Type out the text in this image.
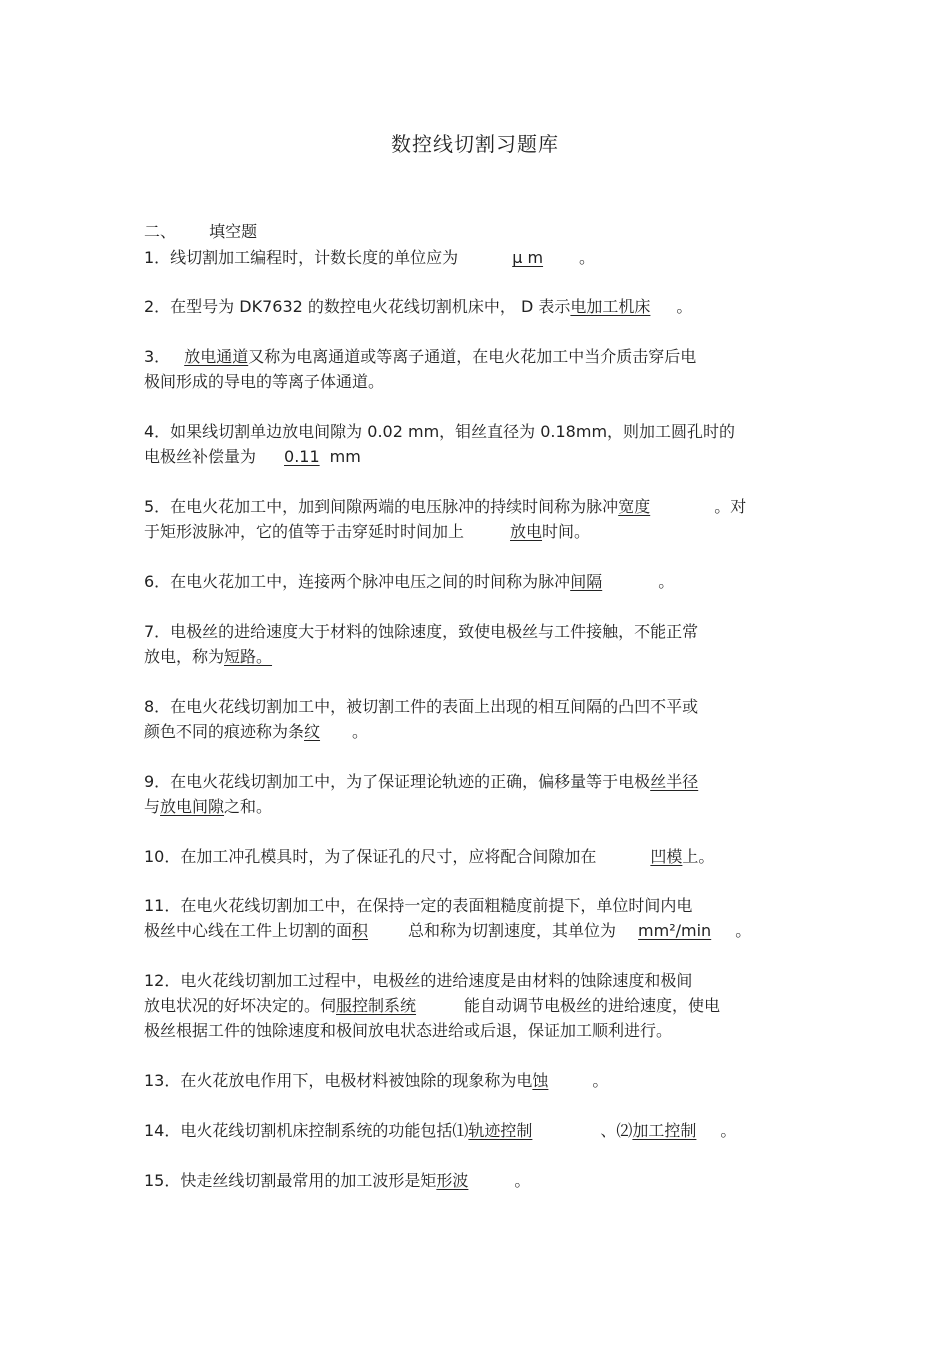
数控线切割习题库
二、 填空题
1．线切割加工编程时，计数长度的单位应为	μ m 。
2．在型号为 DK7632 的数控电火花线切割机床中， D 表示电加工机床 。
3． 放电通道又称为电离通道或等离子通道，在电火花加工中当介质击穿后电
极间形成的导电的等离子体通道。
4．如果线切割单边放电间隙为 0.02 mm，钼丝直径为 0.18mm，则加工圆孔时的
电极丝补偿量为 0.11 mm
5．在电火花加工中，加到间隙两端的电压脉冲的持续时间称为脉冲宽度	。对
于矩形波脉冲，它的值等于击穿延时时间加上	放电时间。
6．在电火花加工中，连接两个脉冲电压之间的时间称为脉冲间隔	。
7．电极丝的进给速度大于材料的蚀除速度，致使电极丝与工件接触，不能正常
放电，称为短路。
8．在电火花线切割加工中，被切割工件的表面上出现的相互间隔的凸凹不平或
颜色不同的痕迹称为条纹 。
9．在电火花线切割加工中，为了保证理论轨迹的正确，偏移量等于电极丝半径
与放电间隙之和。
10．在加工冲孔模具时，为了保证孔的尺寸，应将配合间隙加在	凹模上。
11．在电火花线切割加工中，在保持一定的表面粗糙度前提下，单位时间内电
极丝中心线在工件上切割的面积	总和称为切割速度，其单位为 mm²/min 。
12．电火花线切割加工过程中，电极丝的进给速度是由材料的蚀除速度和极间
放电状况的好坏决定的。伺服控制系统	能自动调节电极丝的进给速度，使电
极丝根据工件的蚀除速度和极间放电状态进给或后退，保证加工顺利进行。
13．在火花放电作用下，电极材料被蚀除的现象称为电蚀	。
14．电火花线切割机床控制系统的功能包括⑴轨迹控制	、⑵加工控制 。
15．快走丝线切割最常用的加工波形是矩形波	。
